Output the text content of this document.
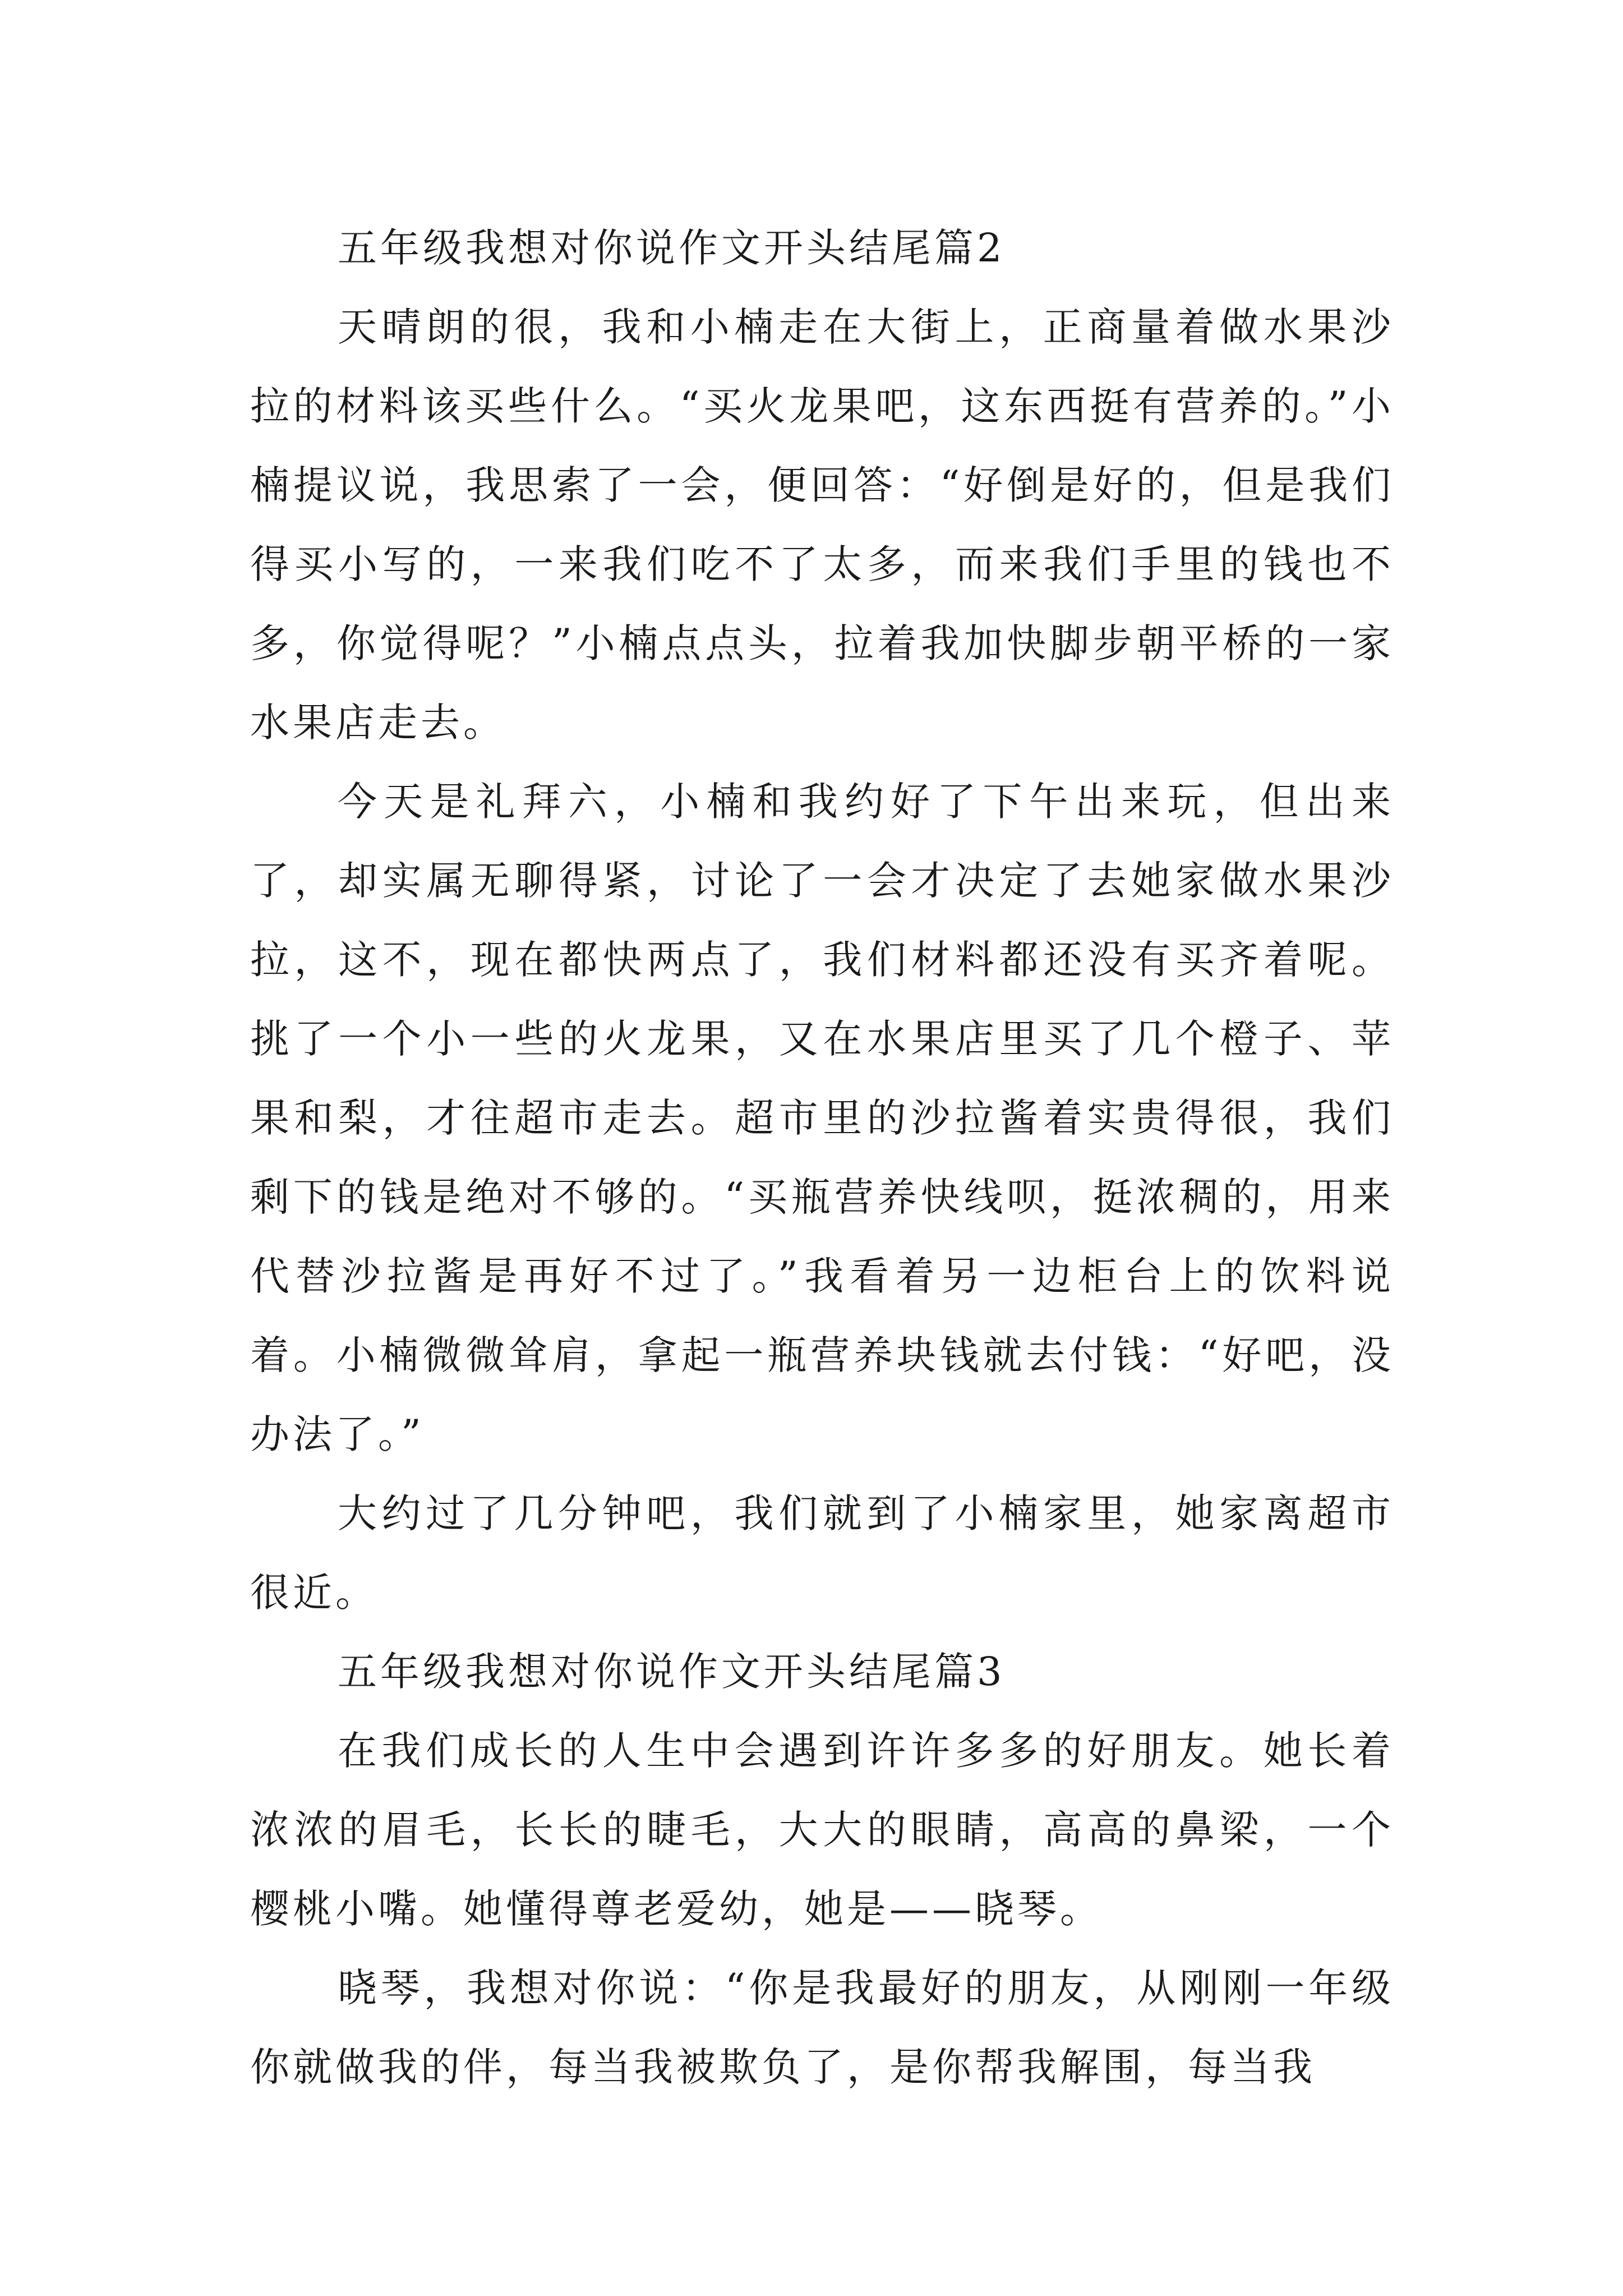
五年级我想对你说作文开头结尾篇2

天晴朗的很，我和小楠走在大街上，正商量着做水果沙拉的材料该买些什么。“买火龙果吧，这东西挺有营养的。”小楠提议说，我思索了一会，便回答：“好倒是好的，但是我们得买小写的，一来我们吃不了太多，而来我们手里的钱也不多，你觉得呢？”小楠点点头，拉着我加快脚步朝平桥的一家水果店走去。

今天是礼拜六，小楠和我约好了下午出来玩，但出来了，却实属无聊得紧，讨论了一会才决定了去她家做水果沙拉，这不，现在都快两点了，我们材料都还没有买齐着呢。挑了一个小一些的火龙果，又在水果店里买了几个橙子、苹果和梨，才往超市走去。超市里的沙拉酱着实贵得很，我们剩下的钱是绝对不够的。“买瓶营养快线呗，挺浓稠的，用来代替沙拉酱是再好不过了。”我看着另一边柜台上的饮料说着。小楠微微耸肩，拿起一瓶营养块钱就去付钱：“好吧，没办法了。”

大约过了几分钟吧，我们就到了小楠家里，她家离超市很近。

五年级我想对你说作文开头结尾篇3

在我们成长的人生中会遇到许许多多的好朋友。她长着浓浓的眉毛，长长的睫毛，大大的眼睛，高高的鼻梁，一个樱桃小嘴。她懂得尊老爱幼，她是——晓琴。

晓琴，我想对你说：“你是我最好的朋友，从刚刚一年级你就做我的伴，每当我被欺负了，是你帮我解围，每当我
